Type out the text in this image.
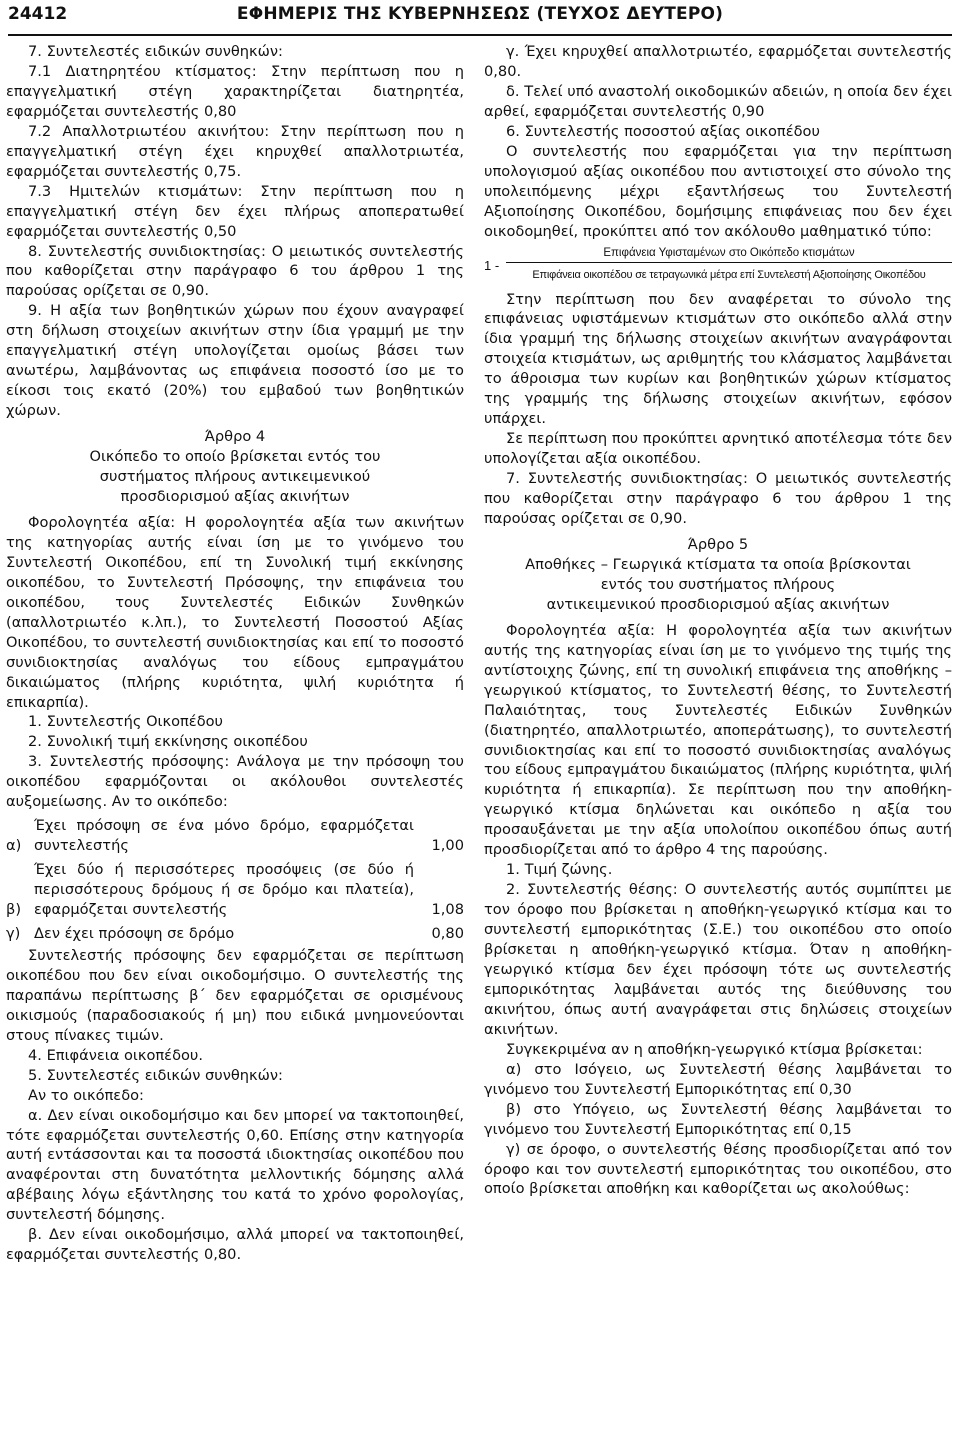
24412	ΕΦΗΜΕΡΙΣ ΤΗΣ ΚΥΒΕΡΝΗΣΕΩΣ (ΤΕΥΧΟΣ ΔΕΥΤΕΡΟ)

7. Συντελεστές ειδικών συνθηκών:

7.1 Διατηρητέου κτίσματος: Στην περίπτωση που η επαγγελματική στέγη χαρακτηρίζεται διατηρητέα, εφαρμόζεται συντελεστής 0,80

7.2 Απαλλοτριωτέου ακινήτου: Στην περίπτωση που η επαγγελματική στέγη έχει κηρυχθεί απαλλοτριωτέα, εφαρμόζεται συντελεστής 0,75.

7.3 Ημιτελών κτισμάτων: Στην περίπτωση που η επαγγελματική στέγη δεν έχει πλήρως αποπερατωθεί εφαρμόζεται συντελεστής 0,50

8. Συντελεστής συνιδιοκτησίας: Ο μειωτικός συντελεστής που καθορίζεται στην παράγραφο 6 του άρθρου 1 της παρούσας ορίζεται σε 0,90.

9. Η αξία των βοηθητικών χώρων που έχουν αναγραφεί στη δήλωση στοιχείων ακινήτων στην ίδια γραμμή με την επαγγελματική στέγη υπολογίζεται ομοίως βάσει των ανωτέρω, λαμβάνοντας ως επιφάνεια ποσοστό ίσο με το είκοσι τοις εκατό (20%) του εμβαδού των βοηθητικών χώρων.

Άρθρο 4

Οικόπεδο το οποίο βρίσκεται εντός του

συστήματος πλήρους αντικειμενικού

προσδιορισμού αξίας ακινήτων

Φορολογητέα αξία: Η φορολογητέα αξία των ακινήτων της κατηγορίας αυτής είναι ίση με το γινόμενο του Συντελεστή Οικοπέδου, επί τη Συνολική τιμή εκκίνησης οικοπέδου, το Συντελεστή Πρόσοψης, την επιφάνεια του οικοπέδου, τους Συντελεστές Ειδικών Συνθηκών (απαλλοτριωτέο κ.λπ.), το Συντελεστή Ποσοστού Αξίας Οικοπέδου, το συντελεστή συνιδιοκτησίας και επί το ποσοστό συνιδιοκτησίας αναλόγως του είδους εμπραγμάτου δικαιώματος (πλήρης κυριότητα, ψιλή κυριότητα ή επικαρπία).

1. Συντελεστής Οικοπέδου

2. Συνολική τιμή εκκίνησης οικοπέδου

3. Συντελεστής πρόσοψης: Ανάλογα με την πρόσοψη του οικοπέδου εφαρμόζονται οι ακόλουθοι συντελεστές αυξομείωσης. Αν το οικόπεδο:

α)
Έχει πρόσοψη σε ένα μόνο δρόμο, εφαρμόζεται συντελεστής	1,00
β)
Έχει δύο ή περισσότερες προσόψεις (σε δύο ή περισσότερους δρόμους ή σε δρόμο και πλατεία), εφαρμόζεται συντελεστής	1,08
γ) Δεν έχει πρόσοψη σε δρόμο	0,80

Συντελεστής πρόσοψης δεν εφαρμόζεται σε περίπτωση οικοπέδου που δεν είναι οικοδομήσιμο. Ο συντελεστής της παραπάνω περίπτωσης β΄ δεν εφαρμόζεται σε ορισμένους οικισμούς (παραδοσιακούς ή μη) που ειδικά μνημονεύονται στους πίνακες τιμών.

4. Επιφάνεια οικοπέδου.

5. Συντελεστές ειδικών συνθηκών:

Αν το οικόπεδο:

α. Δεν είναι οικοδομήσιμο και δεν μπορεί να τακτοποιηθεί, τότε εφαρμόζεται συντελεστής 0,60. Επίσης στην κατηγορία αυτή εντάσσονται και τα ποσοστά ιδιοκτησίας οικοπέδου που αναφέρονται στη δυνατότητα μελλοντικής δόμησης αλλά αβέβαιης λόγω εξάντλησης του κατά το χρόνο φορολογίας, συντελεστή δόμησης.

β. Δεν είναι οικοδομήσιμο, αλλά μπορεί να τακτοποιηθεί, εφαρμόζεται συντελεστής 0,80.

γ. Έχει κηρυχθεί απαλλοτριωτέο, εφαρμόζεται συντελεστής 0,80.

δ. Τελεί υπό αναστολή οικοδομικών αδειών, η οποία δεν έχει αρθεί, εφαρμόζεται συντελεστής 0,90

6. Συντελεστής ποσοστού αξίας οικοπέδου

Ο συντελεστής που εφαρμόζεται για την περίπτωση υπολογισμού αξίας οικοπέδου που αντιστοιχεί στο σύνολο της υπολειπόμενης μέχρι εξαντλήσεως του Συντελεστή Αξιοποίησης Οικοπέδου, δομήσιμης επιφάνειας που δεν έχει οικοδομηθεί, προκύπτει από τον ακόλουθο μαθηματικό τύπο:

1 -
Επιφάνεια Υφισταμένων στο Οικόπεδο κτισμάτων
Επιφάνεια οικοπέδου σε τετραγωνικά μέτρα επί Συντελεστή Αξιοποίησης Οικοπέδου

Στην περίπτωση που δεν αναφέρεται το σύνολο της επιφάνειας υφιστάμενων κτισμάτων στο οικόπεδο αλλά στην ίδια γραμμή της δήλωσης στοιχείων ακινήτων αναγράφονται στοιχεία κτισμάτων, ως αριθμητής του κλάσματος λαμβάνεται το άθροισμα των κυρίων και βοηθητικών χώρων κτίσματος της γραμμής της δήλωσης στοιχείων ακινήτων, εφόσον υπάρχει.

Σε περίπτωση που προκύπτει αρνητικό αποτέλεσμα τότε δεν υπολογίζεται αξία οικοπέδου.

7. Συντελεστής συνιδιοκτησίας: Ο μειωτικός συντελεστής που καθορίζεται στην παράγραφο 6 του άρθρου 1 της παρούσας ορίζεται σε 0,90.

Άρθρο 5

Αποθήκες – Γεωργικά κτίσματα τα οποία βρίσκονται

εντός του συστήματος πλήρους

αντικειμενικού προσδιορισμού αξίας ακινήτων

Φορολογητέα αξία: Η φορολογητέα αξία των ακινήτων αυτής της κατηγορίας είναι ίση με το γινόμενο της τιμής της αντίστοιχης ζώνης, επί τη συνολική επιφάνεια της αποθήκης – γεωργικού κτίσματος, το Συντελεστή θέσης, το Συντελεστή Παλαιότητας, τους Συντελεστές Ειδικών Συνθηκών (διατηρητέο, απαλλοτριωτέο, αποπεράτωσης), το συντελεστή συνιδιοκτησίας και επί το ποσοστό συνιδιοκτησίας αναλόγως του είδους εμπραγμάτου δικαιώματος (πλήρης κυριότητα, ψιλή κυριότητα ή επικαρπία). Σε περίπτωση που την αποθήκη-γεωργικό κτίσμα δηλώνεται και οικόπεδο η αξία του προσαυξάνεται με την αξία υπολοίπου οικοπέδου όπως αυτή προσδιορίζεται από το άρθρο 4 της παρούσης.

1. Τιμή ζώνης.

2. Συντελεστής θέσης: Ο συντελεστής αυτός συμπίπτει με τον όροφο που βρίσκεται η αποθήκη-γεωργικό κτίσμα και το συντελεστή εμπορικότητας (Σ.Ε.) του οικοπέδου στο οποίο βρίσκεται η αποθήκη-γεωργικό κτίσμα. Όταν η αποθήκη-γεωργικό κτίσμα δεν έχει πρόσοψη τότε ως συντελεστής εμπορικότητας λαμβάνεται αυτός της διεύθυνσης του ακινήτου, όπως αυτή αναγράφεται στις δηλώσεις στοιχείων ακινήτων.

Συγκεκριμένα αν η αποθήκη-γεωργικό κτίσμα βρίσκεται:

α) στο Ισόγειο, ως Συντελεστή θέσης λαμβάνεται το γινόμενο του Συντελεστή Εμπορικότητας επί 0,30

β) στο Υπόγειο, ως Συντελεστή θέσης λαμβάνεται το γινόμενο του Συντελεστή Εμπορικότητας επί 0,15

γ) σε όροφο, ο συντελεστής θέσης προσδιορίζεται από τον όροφο και τον συντελεστή εμπορικότητας του οικοπέδου, στο οποίο βρίσκεται αποθήκη και καθορίζεται ως ακολούθως:
